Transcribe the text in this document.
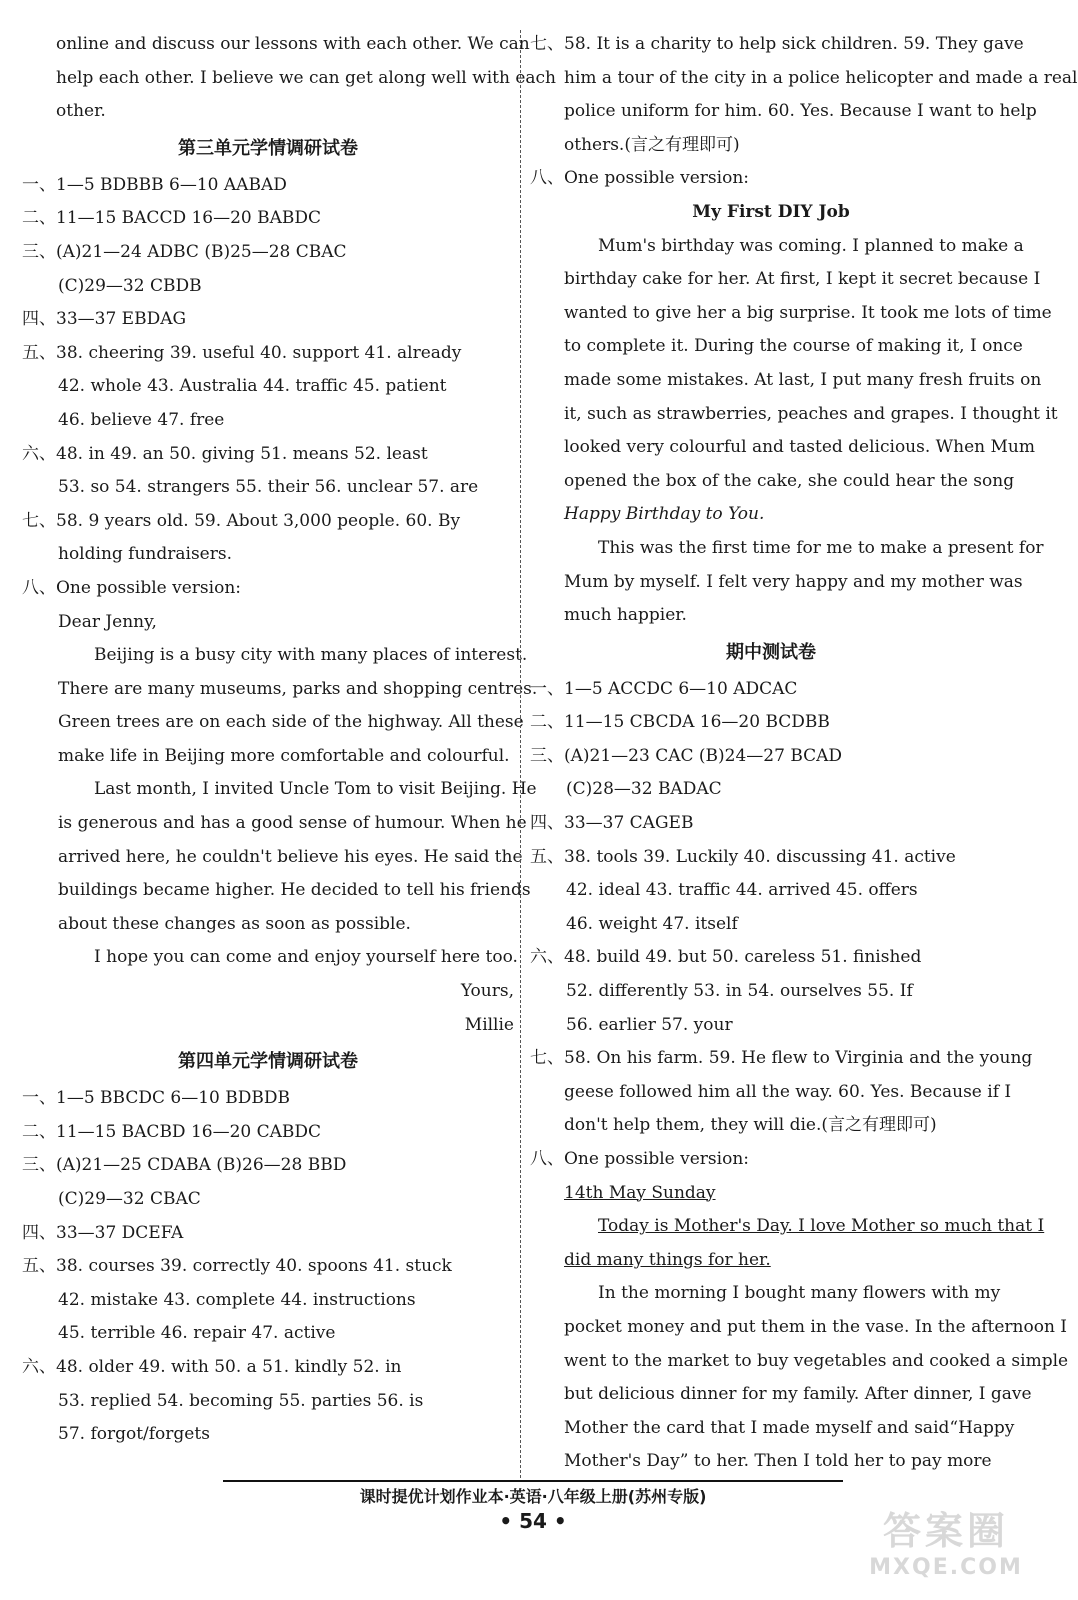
online and discuss our lessons with each other. We can
help each other. I believe we can get along well with each
other.
第三单元学情调研试卷
一、1—5 BDBBB 6—10 AABAD
二、11—15 BACCD 16—20 BABDC
三、(A)21—24 ADBC (B)25—28 CBAC
(C)29—32 CBDB
四、33—37 EBDAG
五、38. cheering 39. useful 40. support 41. already
42. whole 43. Australia 44. traffic 45. patient
46. believe 47. free
六、48. in 49. an 50. giving 51. means 52. least
53. so 54. strangers 55. their 56. unclear 57. are
七、58. 9 years old. 59. About 3,000 people. 60. By
holding fundraisers.
八、One possible version:
Dear Jenny,
Beijing is a busy city with many places of interest.
There are many museums, parks and shopping centres.
Green trees are on each side of the highway. All these
make life in Beijing more comfortable and colourful.
Last month, I invited Uncle Tom to visit Beijing. He
is generous and has a good sense of humour. When he
arrived here, he couldn't believe his eyes. He said the
buildings became higher. He decided to tell his friends
about these changes as soon as possible.
I hope you can come and enjoy yourself here too.
Yours,
Millie
第四单元学情调研试卷
一、1—5 BBCDC 6—10 BDBDB
二、11—15 BACBD 16—20 CABDC
三、(A)21—25 CDABA (B)26—28 BBD
(C)29—32 CBAC
四、33—37 DCEFA
五、38. courses 39. correctly 40. spoons 41. stuck
42. mistake 43. complete 44. instructions
45. terrible 46. repair 47. active
六、48. older 49. with 50. a 51. kindly 52. in
53. replied 54. becoming 55. parties 56. is
57. forgot/forgets
七、58. It is a charity to help sick children. 59. They gave
him a tour of the city in a police helicopter and made a real
police uniform for him. 60. Yes. Because I want to help
others.(言之有理即可)
八、One possible version:
My First DIY Job
Mum's birthday was coming. I planned to make a
birthday cake for her. At first, I kept it secret because I
wanted to give her a big surprise. It took me lots of time
to complete it. During the course of making it, I once
made some mistakes. At last, I put many fresh fruits on
it, such as strawberries, peaches and grapes. I thought it
looked very colourful and tasted delicious. When Mum
opened the box of the cake, she could hear the song
Happy Birthday to You.
This was the first time for me to make a present for
Mum by myself. I felt very happy and my mother was
much happier.
期中测试卷
一、1—5 ACCDC 6—10 ADCAC
二、11—15 CBCDA 16—20 BCDBB
三、(A)21—23 CAC (B)24—27 BCAD
(C)28—32 BADAC
四、33—37 CAGEB
五、38. tools 39. Luckily 40. discussing 41. active
42. ideal 43. traffic 44. arrived 45. offers
46. weight 47. itself
六、48. build 49. but 50. careless 51. finished
52. differently 53. in 54. ourselves 55. If
56. earlier 57. your
七、58. On his farm. 59. He flew to Virginia and the young
geese followed him all the way. 60. Yes. Because if I
don't help them, they will die.(言之有理即可)
八、One possible version:
14th May Sunday
Today is Mother's Day. I love Mother so much that I
did many things for her.
In the morning I bought many flowers with my
pocket money and put them in the vase. In the afternoon I
went to the market to buy vegetables and cooked a simple
but delicious dinner for my family. After dinner, I gave
Mother the card that I made myself and said“Happy
Mother's Day” to her. Then I told her to pay more
课时提优计划作业本·英语·八年级上册(苏州专版)
• 54 •	答案圈
MXQE.COM
